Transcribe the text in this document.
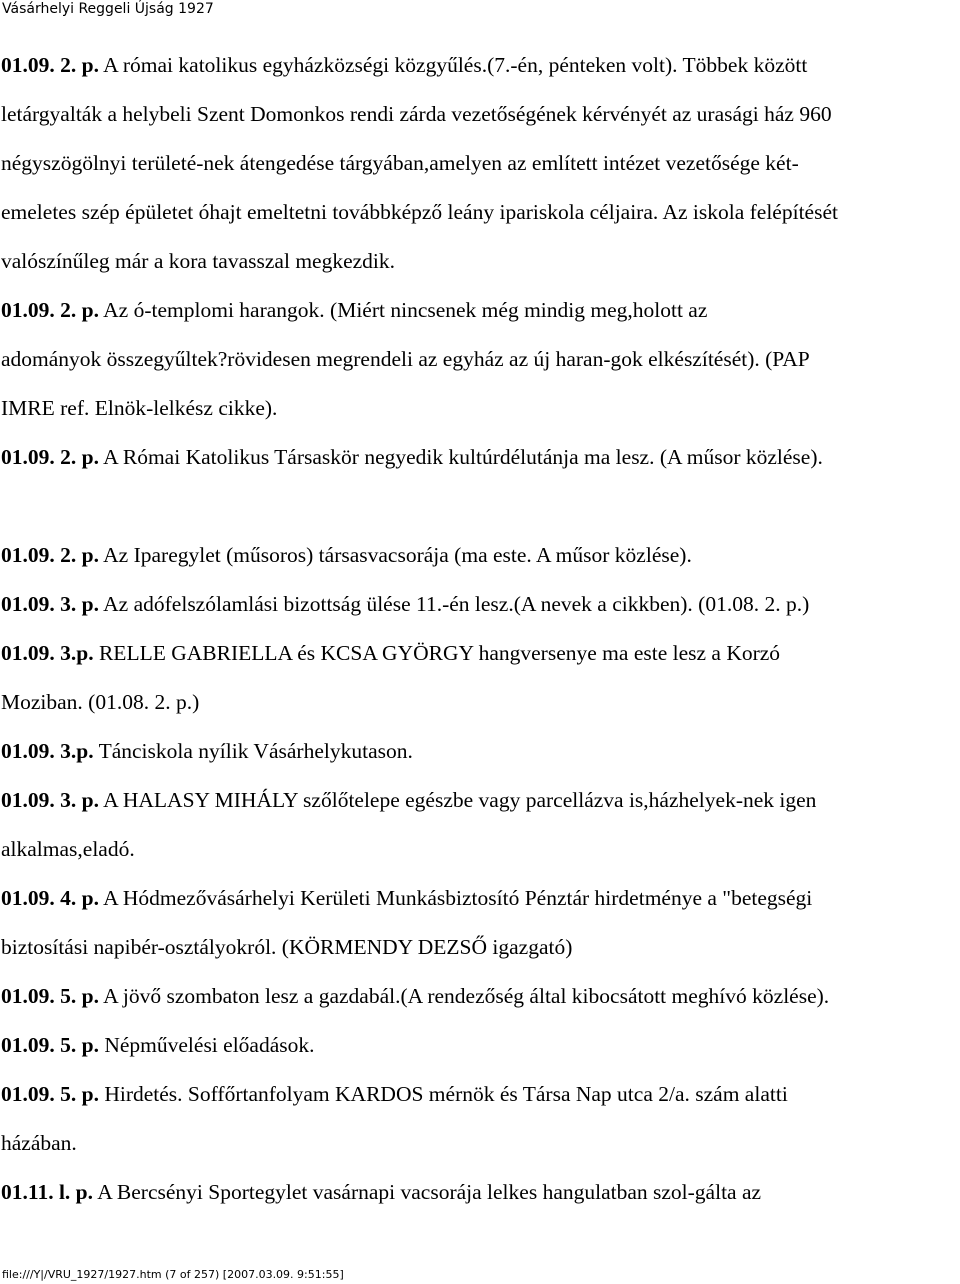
Vásárhelyi Reggeli Újság 1927
01.09. 2. p. A római katolikus egyházközségi közgyűlés.(7.-én, pénteken volt). Többek között
letárgyalták a helybeli Szent Domonkos rendi zárda vezetőségének kérvényét az urasági ház 960
négyszögölnyi területé-nek átengedése tárgyában,amelyen az említett intézet vezetősége két-
emeletes szép épületet óhajt emeltetni továbbképző leány ipariskola céljaira. Az iskola felépítését
valószínűleg már a kora tavasszal megkezdik.
01.09. 2. p. Az ó-templomi harangok. (Miért nincsenek még mindig meg,holott az
adományok összegyűltek?rövidesen megrendeli az egyház az új haran-gok elkészítését). (PAP
IMRE ref. Elnök-lelkész cikke).
01.09. 2. p. A Római Katolikus Társaskör negyedik kultúrdélutánja ma lesz. (A műsor közlése).
01.09. 2. p. Az Iparegylet (műsoros) társasvacsorája (ma este. A műsor közlése).
01.09. 3. p. Az adófelszólamlási bizottság ülése 11.-én lesz.(A nevek a cikkben). (01.08. 2. p.)
01.09. 3.p. RELLE GABRIELLA és KCSA GYÖRGY hangversenye ma este lesz a Korzó
Moziban. (01.08. 2. p.)
01.09. 3.p. Tánciskola nyílik Vásárhelykutason.
01.09. 3. p. A HALASY MIHÁLY szőlőtelepe egészbe vagy parcellázva is,házhelyek-nek igen
alkalmas,eladó.
01.09. 4. p. A Hódmezővásárhelyi Kerületi Munkásbiztosító Pénztár hirdetménye a "betegségi
biztosítási napibér-osztályokról. (KÖRMENDY DEZSŐ igazgató)
01.09. 5. p. A jövő szombaton lesz a gazdabál.(A rendezőség által kibocsátott meghívó közlése).
01.09. 5. p. Népművelési előadások.
01.09. 5. p. Hirdetés. Soffőrtanfolyam KARDOS mérnök és Társa Nap utca 2/a. szám alatti
házában.
01.11. l. p. A Bercsényi Sportegylet vasárnapi vacsorája lelkes hangulatban szol-gálta az
file:///Y|/VRU_1927/1927.htm (7 of 257) [2007.03.09. 9:51:55]
